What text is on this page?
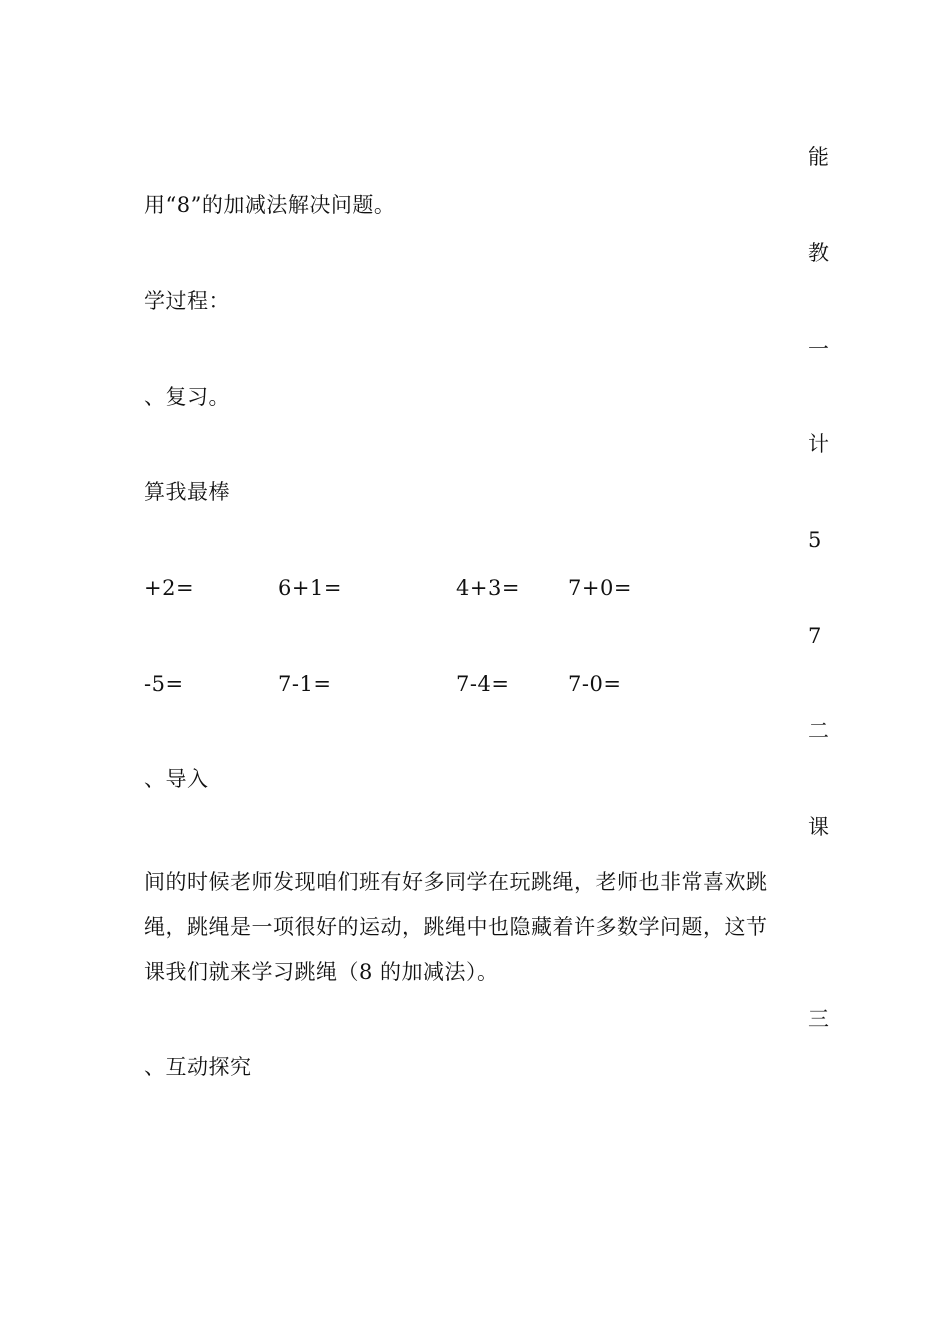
能
教
一
计
5
7
二
课
三
用“8”的加减法解决问题。
学过程：
、复习。
算我最棒
+2=	6+1=	4+3= 7+0=
-5=	7-1=	7-4=	7-0=
、导入

间的时候老师发现咱们班有好多同学在玩跳绳，老师也非常喜欢跳

绳，跳绳是一项很好的运动，跳绳中也隐藏着许多数学问题，这节

课我们就来学习跳绳（8 的加减法）。

、互动探究
